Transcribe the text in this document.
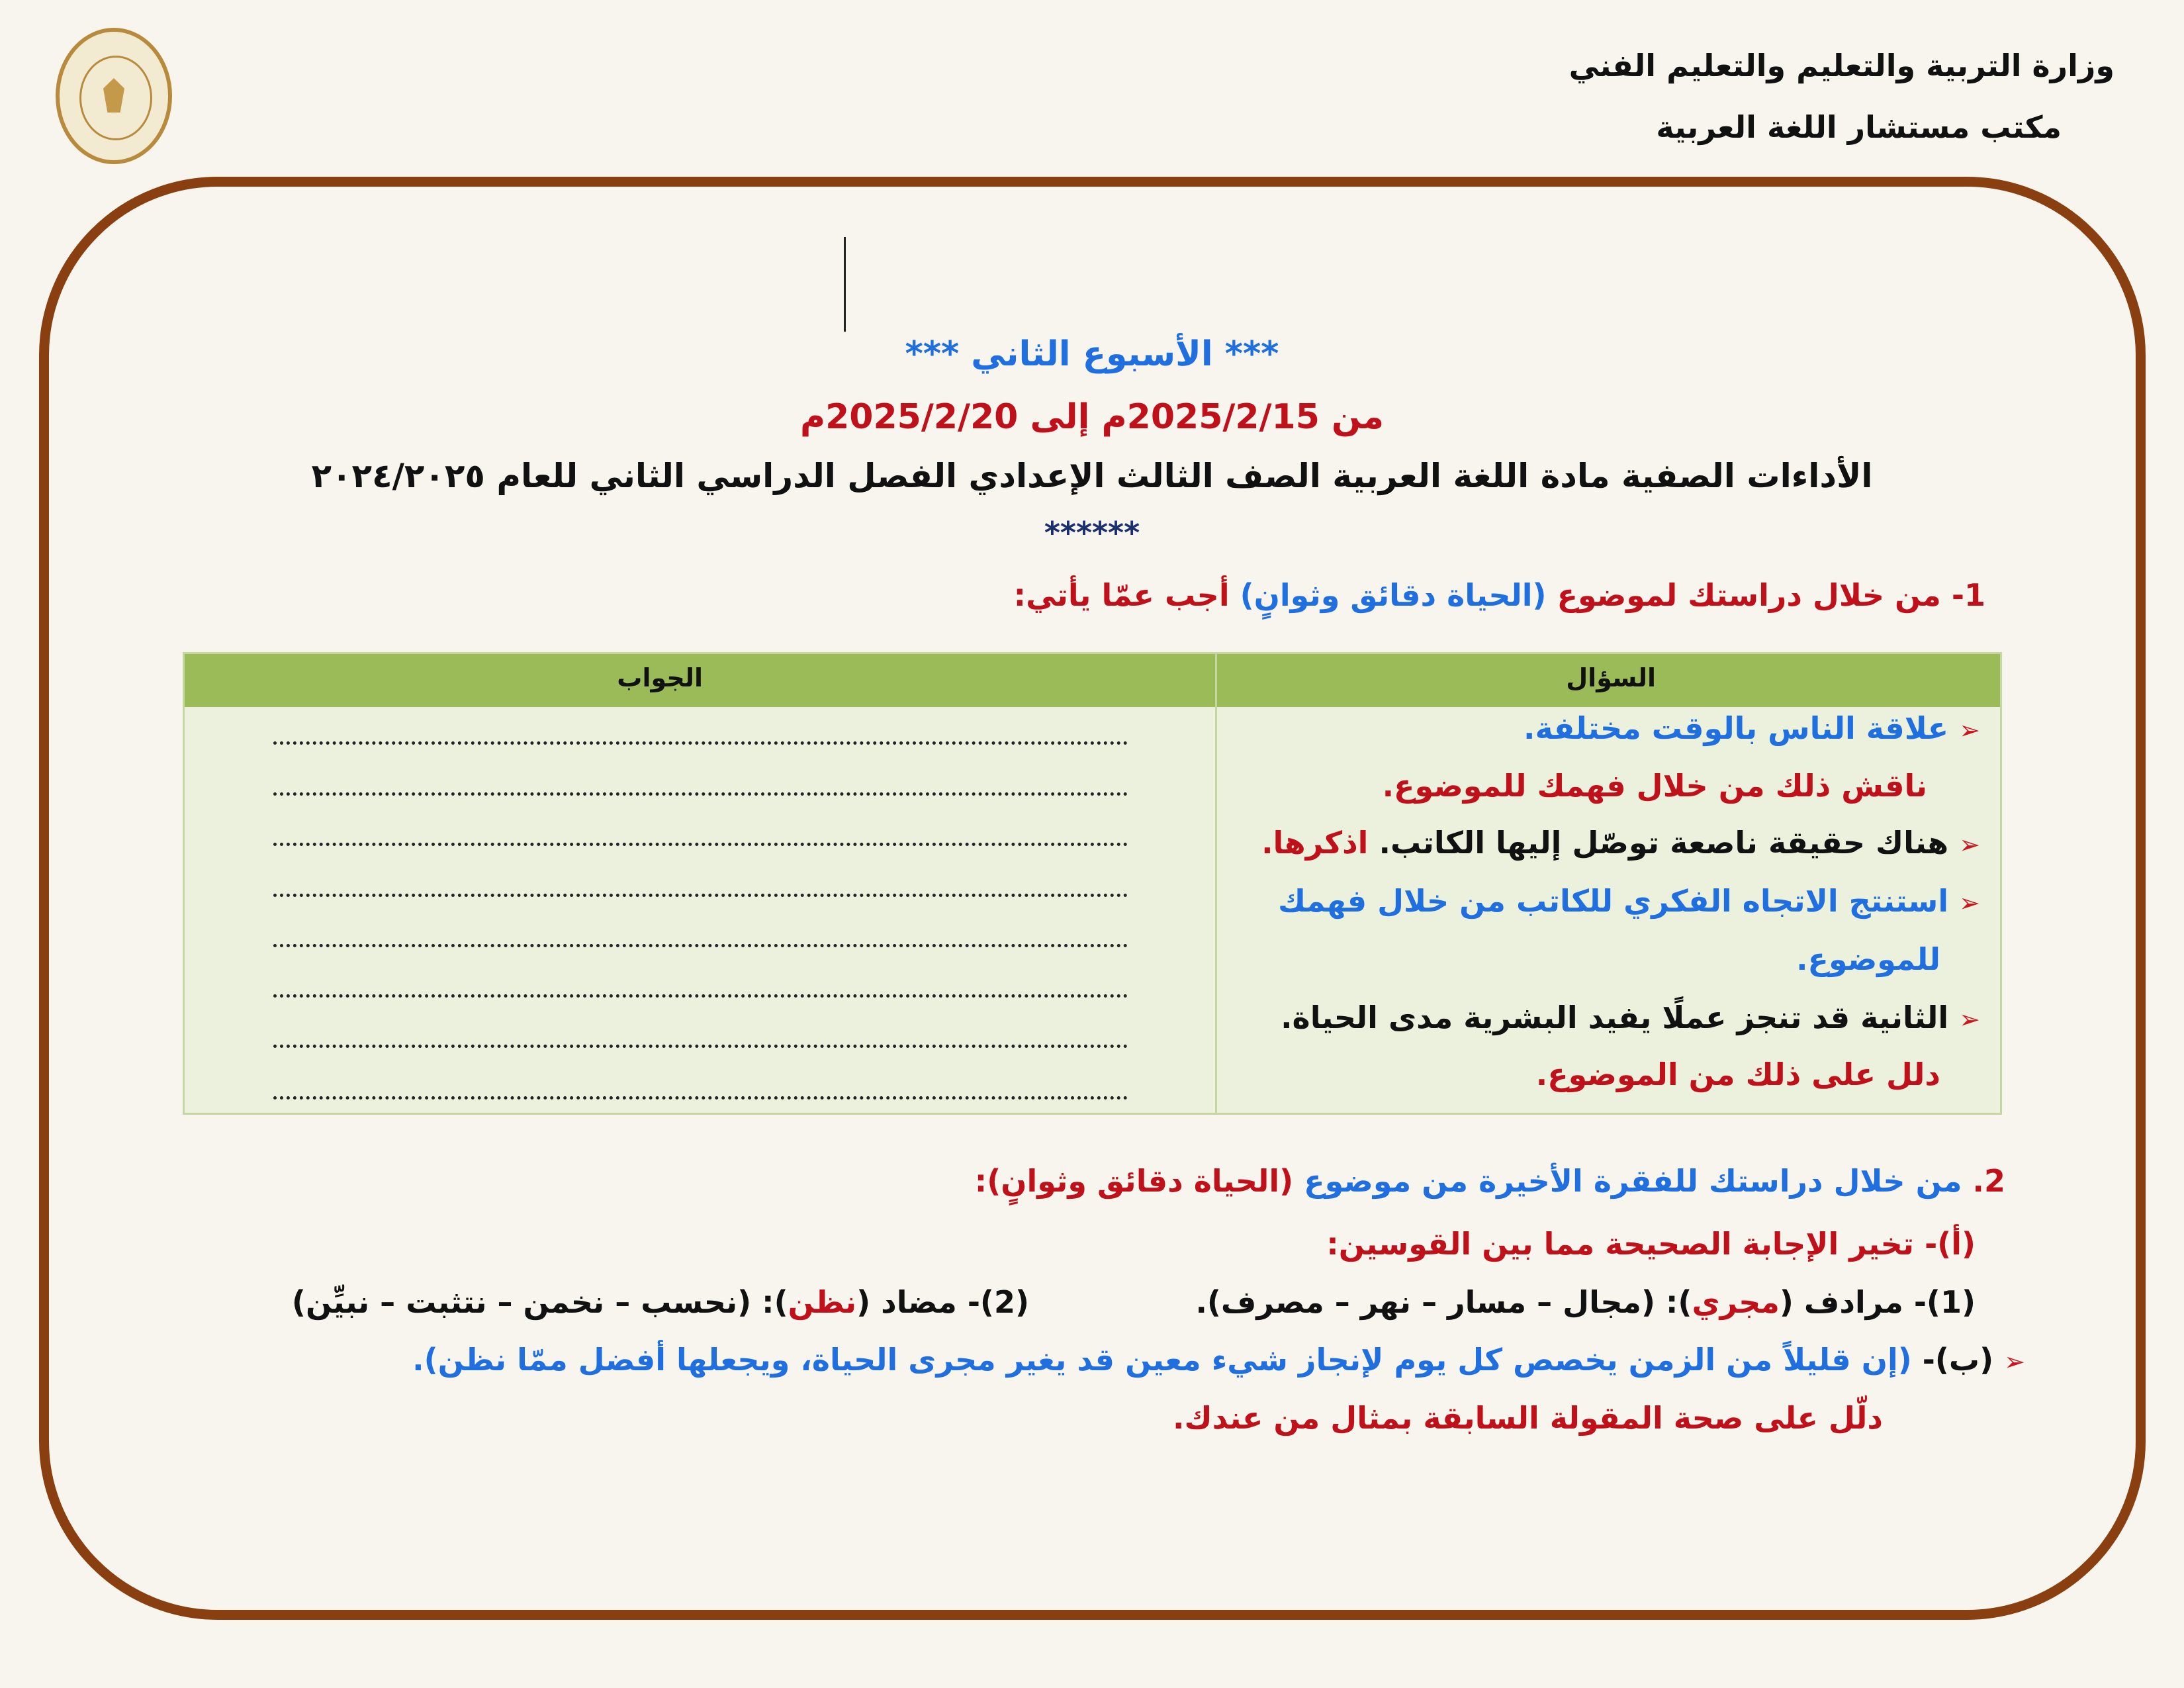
وزارة التربية والتعليم والتعليم الفني
مكتب مستشار اللغة العربية
*** الأسبوع الثاني ***
من 2025/2/15م إلى 2025/2/20م
الأداءات الصفية مادة اللغة العربية الصف الثالث الإعدادي الفصل الدراسي الثاني للعام ٢٠٢٤/٢٠٢٥
******
1- من خلال دراستك لموضوع (الحياة دقائق وثوانٍ) أجب عمّا يأتي:
السؤال
الجواب
➢ علاقة الناس بالوقت مختلفة.
ناقش ذلك من خلال فهمك للموضوع.
➢ هناك حقيقة ناصعة توصّل إليها الكاتب. اذكرها.
➢ استنتج الاتجاه الفكري للكاتب من خلال فهمك
للموضوع.
➢ الثانية قد تنجز عملًا يفيد البشرية مدى الحياة.
دلل على ذلك من الموضوع.
2. من خلال دراستك للفقرة الأخيرة من موضوع (الحياة دقائق وثوانٍ):
(أ)- تخير الإجابة الصحيحة مما بين القوسين:
(1)- مرادف (مجري): (مجال – مسار – نهر – مصرف).
(2)- مضاد (نظن): (نحسب – نخمن – نتثبت – نبيِّن)
➢ (ب)- (إن قليلاً من الزمن يخصص كل يوم لإنجاز شيء معين قد يغير مجرى الحياة، ويجعلها أفضل ممّا نظن).
دلّل على صحة المقولة السابقة بمثال من عندك.
